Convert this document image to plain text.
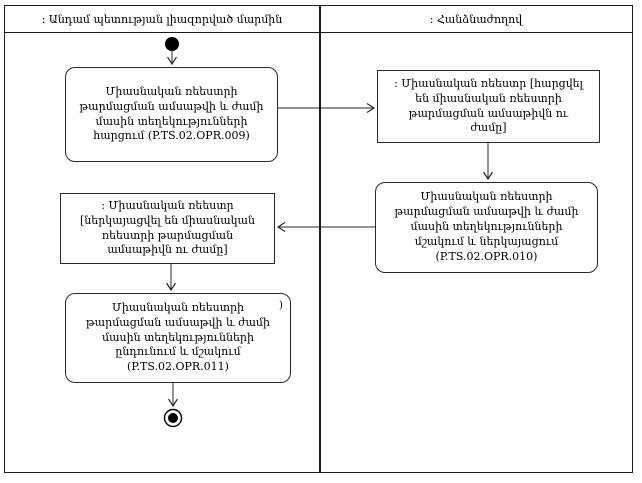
: Անդամ պետության լիազորված մարմին	: Հանձնաժողով
Միասնական ռեեստրի թարմացման ամսաթվի և ժամի մասին տեղեկությունների հարցում (P.TS.02.OPR.009)
: Միասնական ռեեստր [հարցվել են միասնական ռեեստրի թարմացման ամսաթիվն ու ժամը]
Միասնական ռեեստրի թարմացման ամսաթվի և ժամի մասին տեղեկությունների մշակում և ներկայացում (P.TS.02.OPR.010)
: Միասնական ռեեստր [ներկայացվել են միասնական ռեեստրի թարմացման ամսաթիվն ու ժամը]
Միասնական ռեեստրի թարմացման ամսաթվի և ժամի մասին տեղեկությունների ընդունում և մշակում (P.TS.02.OPR.011)
)
